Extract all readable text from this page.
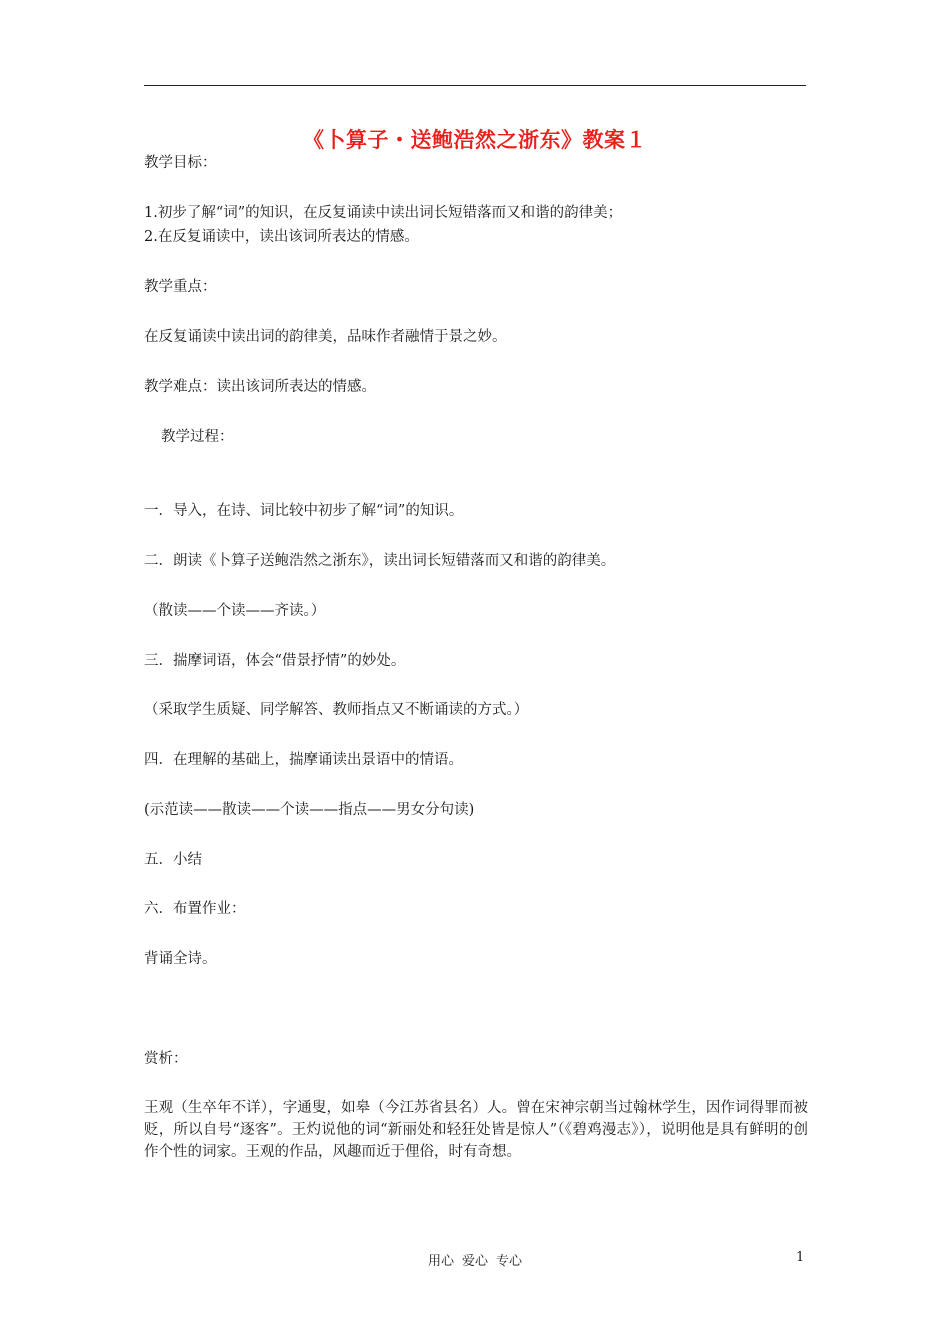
《卜算子・送鲍浩然之浙东》教案１
教学目标：
1.初步了解“词”的知识，在反复诵读中读出词长短错落而又和谐的韵律美；
2.在反复诵读中，读出该词所表达的情感。
教学重点：
在反复诵读中读出词的韵律美，品味作者融情于景之妙。
教学难点：读出该词所表达的情感。
教学过程：
一．导入，在诗、词比较中初步了解“词”的知识。
二．朗读《卜算子送鲍浩然之浙东》，读出词长短错落而又和谐的韵律美。
（散读——个读——齐读。）
三．揣摩词语，体会“借景抒情”的妙处。
（采取学生质疑、同学解答、教师指点又不断诵读的方式。）
四．在理解的基础上，揣摩诵读出景语中的情语。
(示范读——散读——个读——指点——男女分句读)
五．小结
六．布置作业：
背诵全诗。
赏析：
王观（生卒年不详），字通叟，如皋（今江苏省县名）人。曾在宋神宗朝当过翰林学生，因作词得罪而被贬，所以自号“逐客”。王灼说他的词“新丽处和轻狂处皆是惊人”（《碧鸡漫志》），说明他是具有鲜明的创作个性的词家。王观的作品，风趣而近于俚俗，时有奇想。
用心 爱心 专心	1
